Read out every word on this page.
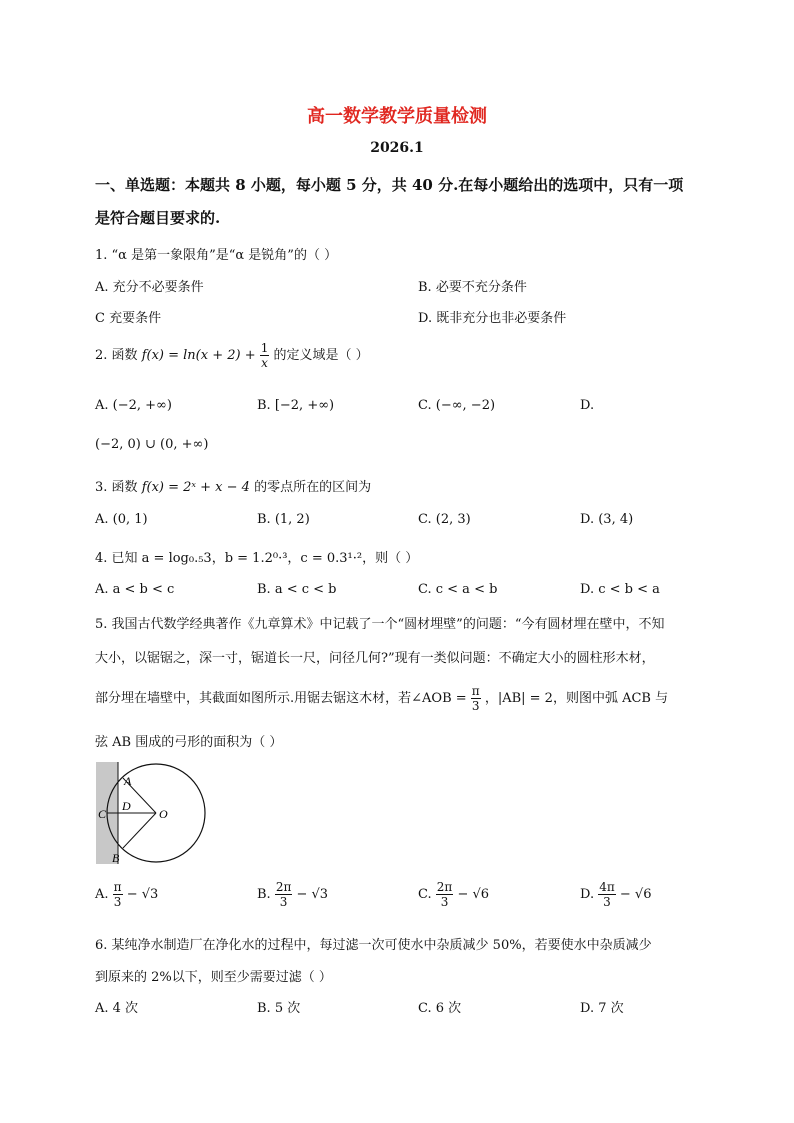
高一数学教学质量检测
2026.1
一、单选题：本题共 8 小题，每小题 5 分，共 40 分.在每小题给出的选项中，只有一项
是符合题目要求的.
1. “α 是第一象限角”是“α 是锐角”的（ ）
A. 充分不必要条件	B. 必要不充分条件
C 充要条件	D. 既非充分也非必要条件
2. 函数 $f(x) = \ln(x + 2) + \frac{1}{x}$ 的定义域是（ ）
A. (−2, +∞)	B. [−2, +∞)	C. (−∞, −2)	D.
(−2, 0) ∪ (0, +∞)
3. 函数 f(x) = 2ˣ + x − 4 的零点所在的区间为
A. (0, 1)	B. (1, 2)	C. (2, 3)	D. (3, 4)
4. 已知 a = log₀.₅3，b = 1.2⁰·³，c = 0.3¹·²，则（ ）
A. a < b < c	B. a < c < b	C. c < a < b	D. c < b < a
5. 我国古代数学经典著作《九章算术》中记载了一个“圆材埋壁”的问题：“今有圆材埋在壁中，不知
大小，以锯锯之，深一寸，锯道长一尺，问径几何?”现有一类似问题：不确定大小的圆柱形木材，
部分埋在墙壁中，其截面如图所示.用锯去锯这木材，若∠AOB = $\frac{\pi}{3}$ ，|AB| = 2，则图中弧 ACB 与
弦 AB 围成的弓形的面积为（ ）
A
B
C
D
O
A. $\frac{\pi}{3} - √3$	B. $\frac{2\pi}{3} - √3$	C. $\frac{2\pi}{3} - √6$	D. $\frac{4\pi}{3} - √6$
6. 某纯净水制造厂在净化水的过程中，每过滤一次可使水中杂质减少 50%，若要使水中杂质减少
到原来的 2%以下，则至少需要过滤（ ）
A. 4 次	B. 5 次	C. 6 次	D. 7 次
